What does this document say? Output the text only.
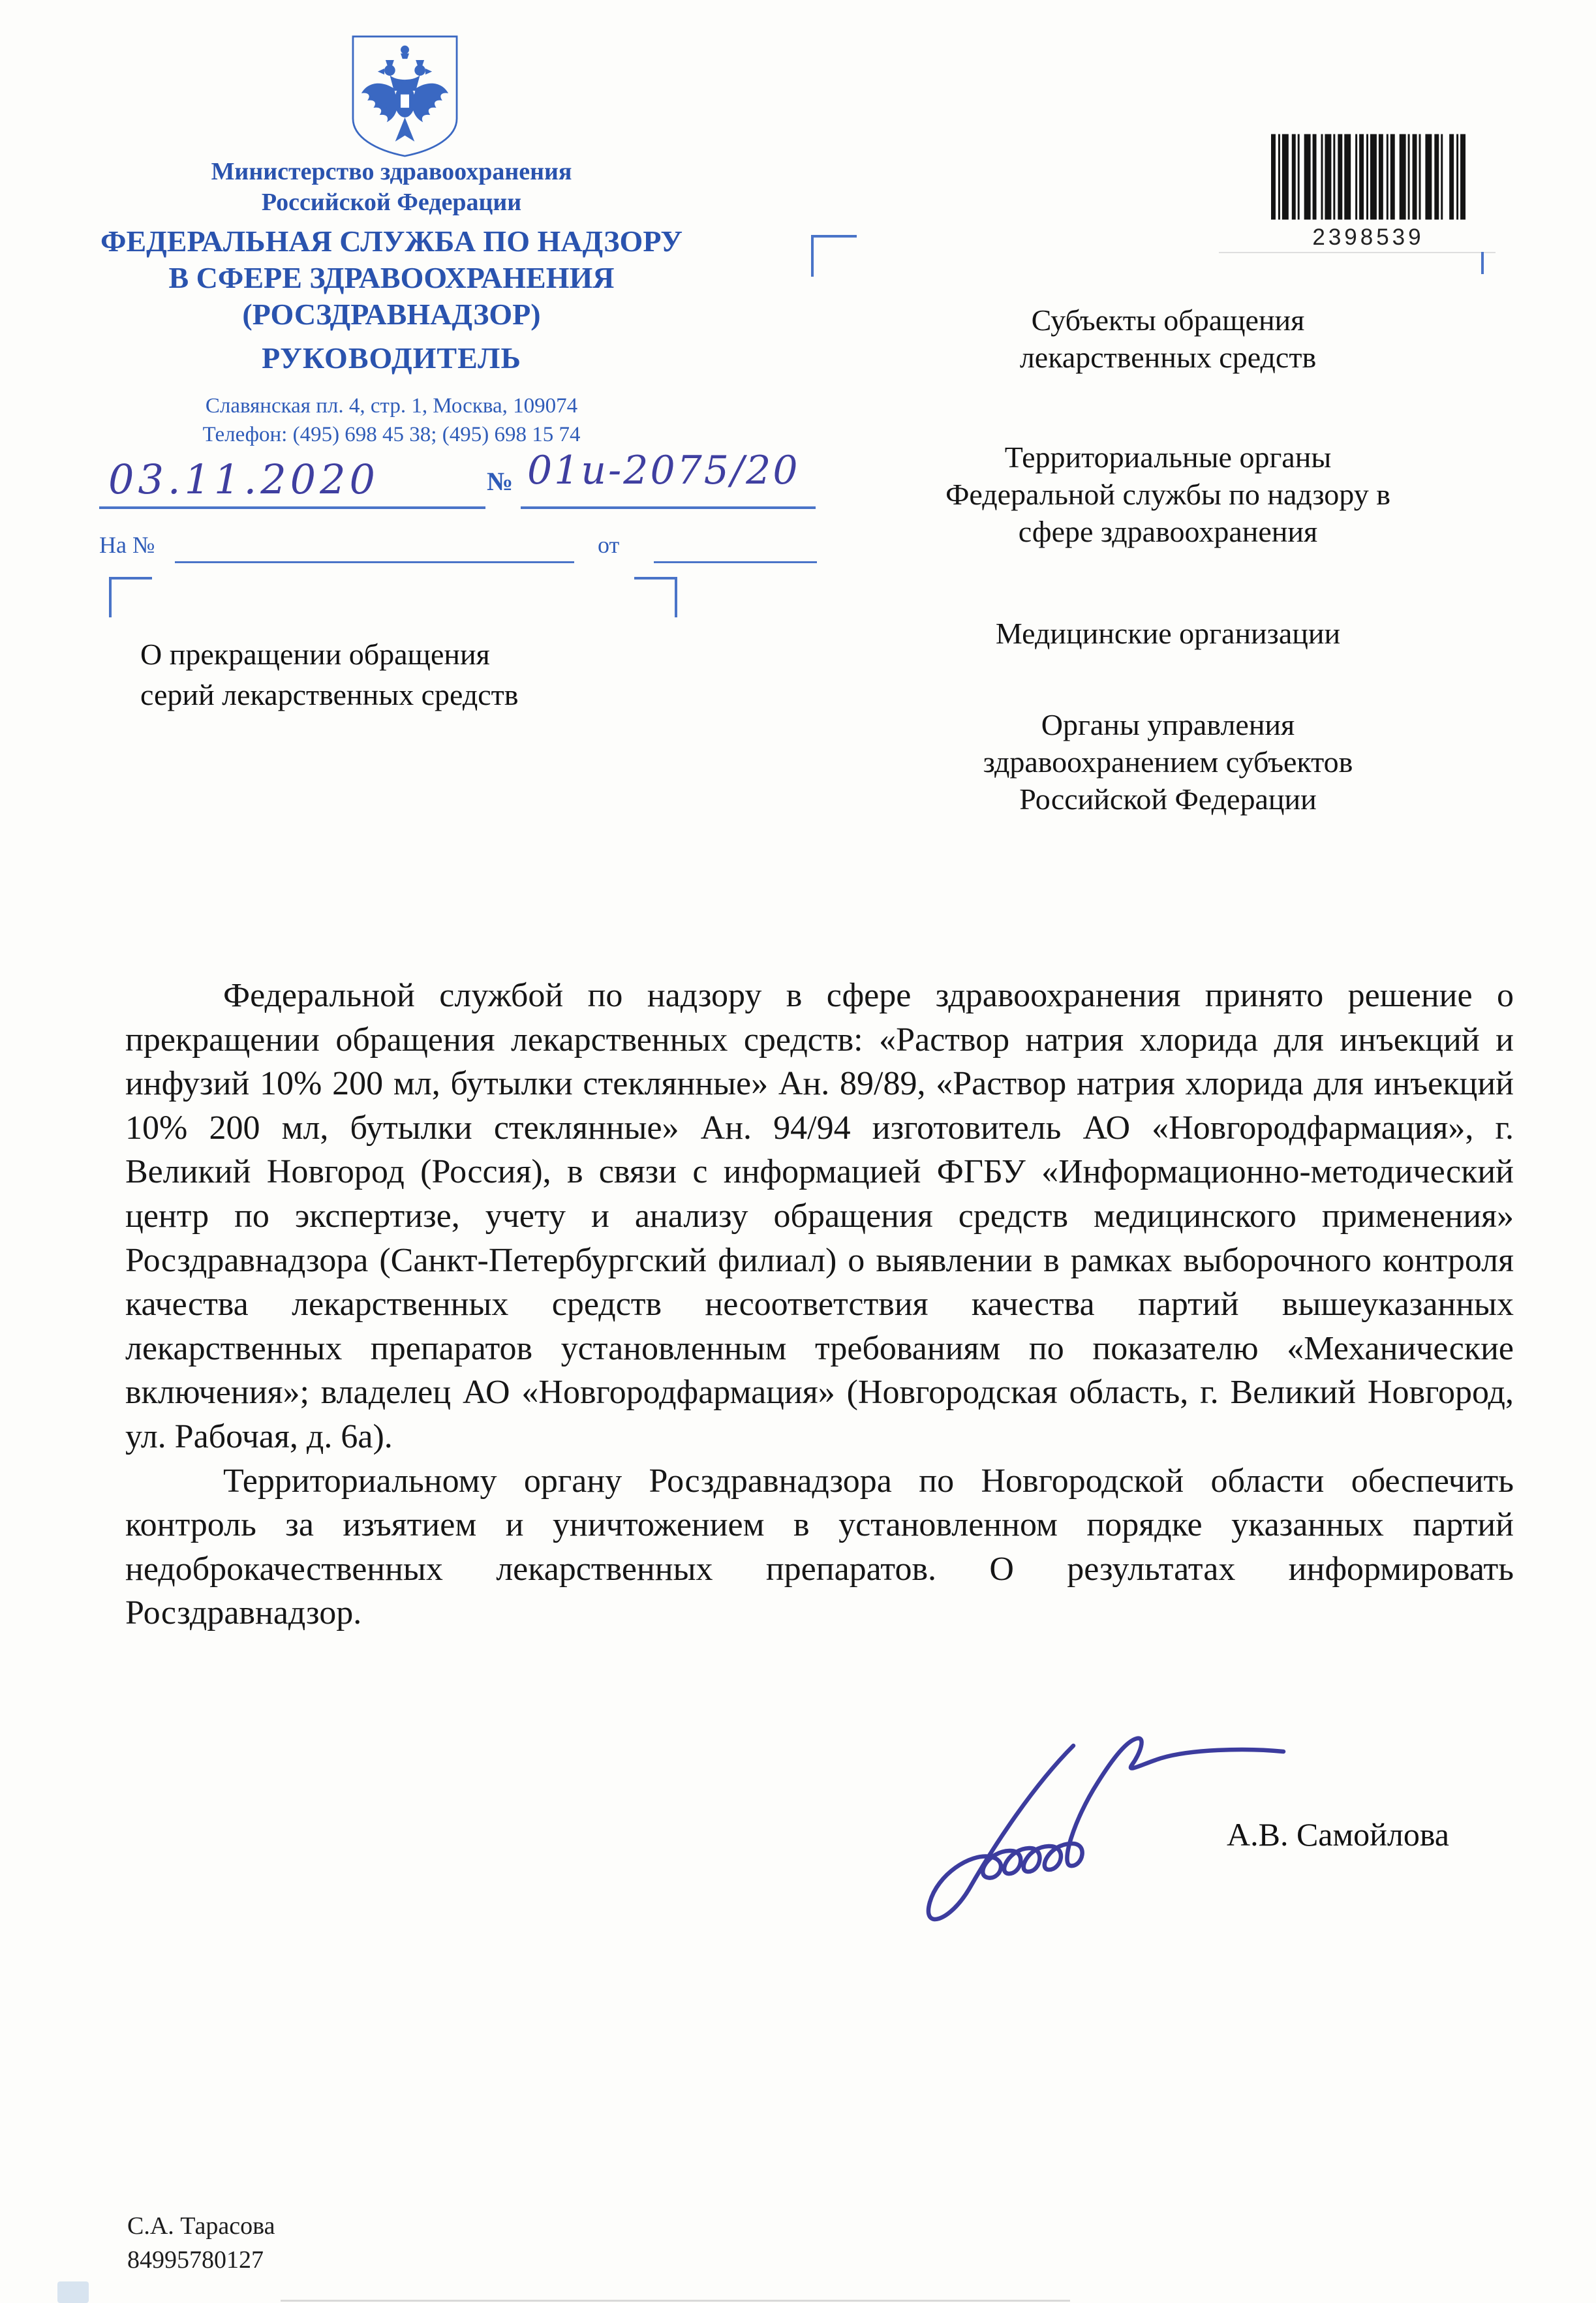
Министерство здравоохранения
Российской Федерации
ФЕДЕРАЛЬНАЯ СЛУЖБА ПО НАДЗОРУ
В СФЕРЕ ЗДРАВООХРАНЕНИЯ
(РОСЗДРАВНАДЗОР)
РУКОВОДИТЕЛЬ
Славянская пл. 4, стр. 1, Москва, 109074
Телефон: (495) 698 45 38; (495) 698 15 74
03.11.2020	№ 01и-2075/20
На №	от
О прекращении обращения серий лекарственных средств
2398539
Субъекты обращения лекарственных средств
Территориальные органы Федеральной службы по надзору в сфере здравоохранения
Медицинские организации
Органы управления здравоохранением субъектов Российской Федерации

Федеральной службой по надзору в сфере здравоохранения принято решение о прекращении обращения лекарственных средств: «Раствор натрия хлорида для инъекций и инфузий 10% 200 мл, бутылки стеклянные» Ан. 89/89, «Раствор натрия хлорида для инъекций 10% 200 мл, бутылки стеклянные» Ан. 94/94 изготовитель АО «Новгородфармация», г. Великий Новгород (Россия), в связи с информацией ФГБУ «Информационно-методический центр по экспертизе, учету и анализу обращения средств медицинского применения» Росздравнадзора (Санкт-Петербургский филиал) о выявлении в рамках выборочного контроля качества лекарственных средств несоответствия качества партий вышеуказанных лекарственных препаратов установленным требованиям по показателю «Механические включения»; владелец АО «Новгородфармация» (Новгородская область, г. Великий Новгород, ул. Рабочая, д. 6а).

Территориальному органу Росздравнадзора по Новгородской области обеспечить контроль за изъятием и уничтожением в установленном порядке указанных партий недоброкачественных лекарственных препаратов. О результатах информировать Росздравнадзор.

А.В. Самойлова
С.А. Тарасова
84995780127
